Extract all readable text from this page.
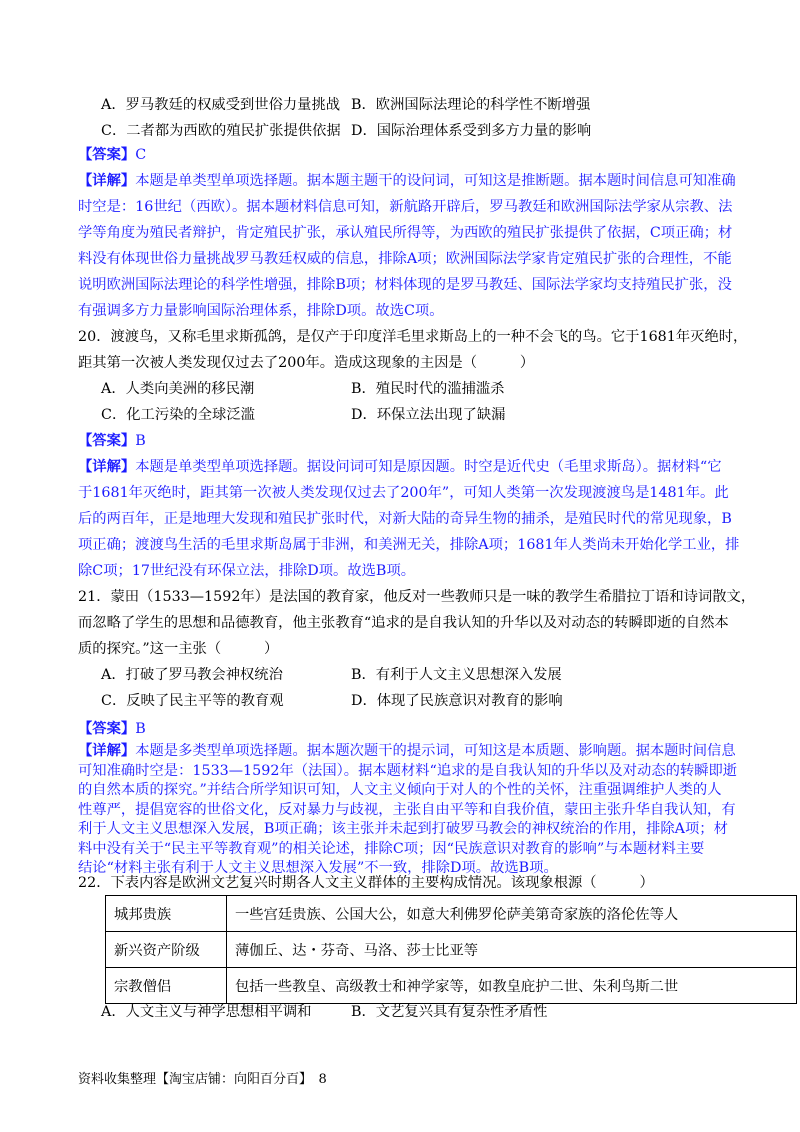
A．罗马教廷的权威受到世俗力量挑战 B．欧洲国际法理论的科学性不断增强
C．二者都为西欧的殖民扩张提供依据 D．国际治理体系受到多方力量的影响
【答案】C
【详解】本题是单类型单项选择题。据本题主题干的设问词，可知这是推断题。据本题时间信息可知准确
时空是：16世纪（西欧）。据本题材料信息可知，新航路开辟后，罗马教廷和欧洲国际法学家从宗教、法
学等角度为殖民者辩护，肯定殖民扩张，承认殖民所得等，为西欧的殖民扩张提供了依据，C项正确；材
料没有体现世俗力量挑战罗马教廷权威的信息，排除A项；欧洲国际法学家肯定殖民扩张的合理性，不能
说明欧洲国际法理论的科学性增强，排除B项；材料体现的是罗马教廷、国际法学家均支持殖民扩张，没
有强调多方力量影响国际治理体系，排除D项。故选C项。
20．渡渡鸟，又称毛里求斯孤鸽，是仅产于印度洋毛里求斯岛上的一种不会飞的鸟。它于1681年灭绝时，
距其第一次被人类发现仅过去了200年。造成这现象的主因是（　　　）
A．人类向美洲的移民潮	B．殖民时代的滥捕滥杀
C．化工污染的全球泛滥	D．环保立法出现了缺漏
【答案】B
【详解】本题是单类型单项选择题。据设问词可知是原因题。时空是近代史（毛里求斯岛）。据材料“它
于1681年灭绝时，距其第一次被人类发现仅过去了200年”，可知人类第一次发现渡渡鸟是1481年。此
后的两百年，正是地理大发现和殖民扩张时代，对新大陆的奇异生物的捕杀，是殖民时代的常见现象，B
项正确；渡渡鸟生活的毛里求斯岛属于非洲，和美洲无关，排除A项；1681年人类尚未开始化学工业，排
除C项；17世纪没有环保立法，排除D项。故选B项。
21．蒙田（1533—1592年）是法国的教育家，他反对一些教师只是一味的教学生希腊拉丁语和诗词散文，
而忽略了学生的思想和品德教育，他主张教育“追求的是自我认知的升华以及对动态的转瞬即逝的自然本
质的探究。”这一主张（　　　）
A．打破了罗马教会神权统治	B．有利于人文主义思想深入发展
C．反映了民主平等的教育观	D．体现了民族意识对教育的影响
【答案】B
【详解】本题是多类型单项选择题。据本题次题干的提示词，可知这是本质题、影响题。据本题时间信息
可知准确时空是：1533—1592年（法国）。据本题材料“追求的是自我认知的升华以及对动态的转瞬即逝
的自然本质的探究。”并结合所学知识可知，人文主义倾向于对人的个性的关怀，注重强调维护人类的人
性尊严，提倡宽容的世俗文化，反对暴力与歧视，主张自由平等和自我价值，蒙田主张升华自我认知，有
利于人文主义思想深入发展，B项正确；该主张并未起到打破罗马教会的神权统治的作用，排除A项；材
料中没有关于“民主平等教育观”的相关论述，排除C项；因“民族意识对教育的影响”与本题材料主要
结论“材料主张有利于人文主义思想深入发展”不一致，排除D项。故选B项。
22．下表内容是欧洲文艺复兴时期各人文主义群体的主要构成情况。该现象根源（　　　）
城邦贵族	一些宫廷贵族、公国大公，如意大利佛罗伦萨美第奇家族的洛伦佐等人
新兴资产阶级	薄伽丘、达・芬奇、马洛、莎士比亚等
宗教僧侣	包括一些教皇、高级教士和神学家等，如教皇庇护二世、朱利鸟斯二世
A．人文主义与神学思想相平调和	B．文艺复兴具有复杂性矛盾性
资料收集整理【淘宝店铺：向阳百分百】　8
